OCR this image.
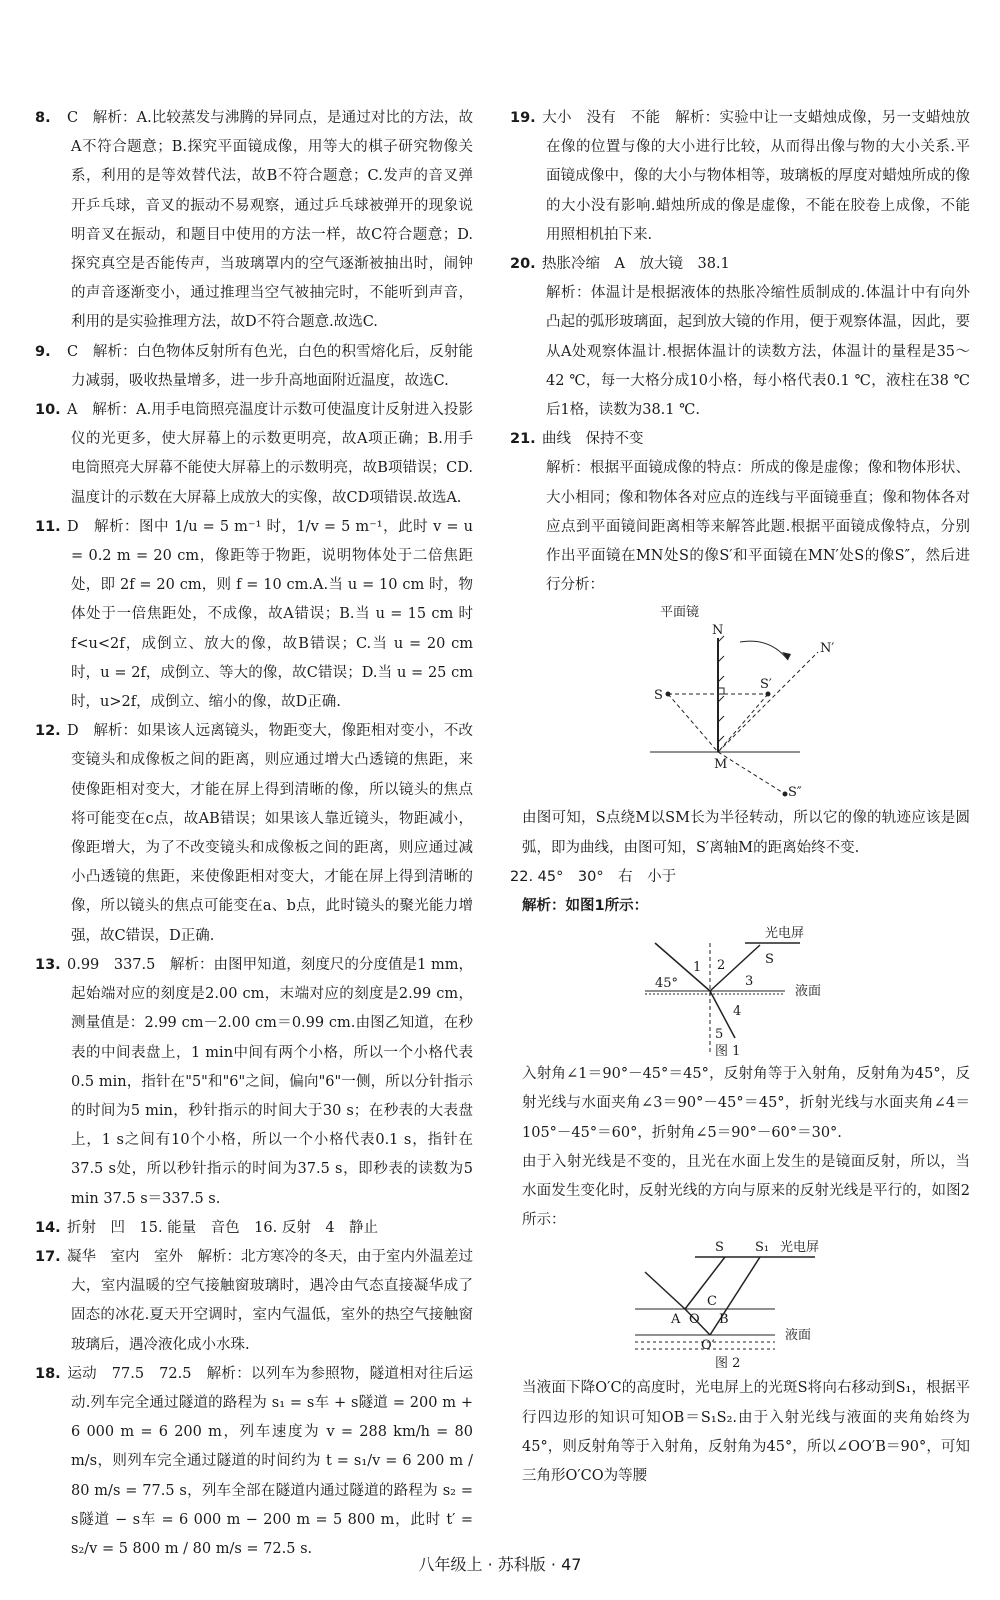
8. C　解析：A.比较蒸发与沸腾的异同点，是通过对比的方法，故A不符合题意；B.探究平面镜成像，用等大的棋子研究物像关系，利用的是等效替代法，故B不符合题意；C.发声的音叉弹开乒乓球，音叉的振动不易观察，通过乒乓球被弹开的现象说明音叉在振动，和题目中使用的方法一样，故C符合题意；D.探究真空是否能传声，当玻璃罩内的空气逐渐被抽出时，闹钟的声音逐渐变小，通过推理当空气被抽完时，不能听到声音，利用的是实验推理方法，故D不符合题意.故选C.

9. C　解析：白色物体反射所有色光，白色的积雪熔化后，反射能力减弱，吸收热量增多，进一步升高地面附近温度，故选C.

10. A　解析：A.用手电筒照亮温度计示数可使温度计反射进入投影仪的光更多，使大屏幕上的示数更明亮，故A项正确；B.用手电筒照亮大屏幕不能使大屏幕上的示数明亮，故B项错误；CD.温度计的示数在大屏幕上成放大的实像，故CD项错误.故选A.

11. D　解析：图中 1/u = 5 m⁻¹ 时，1/v = 5 m⁻¹，此时 v = u = 0.2 m = 20 cm，像距等于物距，说明物体处于二倍焦距处，即 2f = 20 cm，则 f = 10 cm.A.当 u = 10 cm 时，物体处于一倍焦距处，不成像，故A错误；B.当 u = 15 cm 时 f<u<2f，成倒立、放大的像，故B错误；C.当 u = 20 cm 时，u = 2f，成倒立、等大的像，故C错误；D.当 u = 25 cm 时，u>2f，成倒立、缩小的像，故D正确.

12. D　解析：如果该人远离镜头，物距变大，像距相对变小，不改变镜头和成像板之间的距离，则应通过增大凸透镜的焦距，来使像距相对变大，才能在屏上得到清晰的像，所以镜头的焦点将可能变在c点，故AB错误；如果该人靠近镜头，物距减小，像距增大，为了不改变镜头和成像板之间的距离，则应通过减小凸透镜的焦距，来使像距相对变大，才能在屏上得到清晰的像，所以镜头的焦点可能变在a、b点，此时镜头的聚光能力增强，故C错误，D正确.

13. 0.99　337.5　解析：由图甲知道，刻度尺的分度值是1 mm，起始端对应的刻度是2.00 cm，末端对应的刻度是2.99 cm，测量值是：2.99 cm－2.00 cm＝0.99 cm.由图乙知道，在秒表的中间表盘上，1 min中间有两个小格，所以一个小格代表0.5 min，指针在"5"和"6"之间，偏向"6"一侧，所以分针指示的时间为5 min，秒针指示的时间大于30 s；在秒表的大表盘上，1 s之间有10个小格，所以一个小格代表0.1 s，指针在37.5 s处，所以秒针指示的时间为37.5 s，即秒表的读数为5 min 37.5 s＝337.5 s.

14. 折射　凹　15. 能量　音色　16. 反射　4　静止

17. 凝华　室内　室外　解析：北方寒冷的冬天，由于室内外温差过大，室内温暖的空气接触窗玻璃时，遇冷由气态直接凝华成了固态的冰花.夏天开空调时，室内气温低，室外的热空气接触窗玻璃后，遇冷液化成小水珠.

18. 运动　77.5　72.5　解析：以列车为参照物，隧道相对往后运动.列车完全通过隧道的路程为 s₁ = s车 + s隧道 = 200 m + 6 000 m = 6 200 m，列车速度为 v = 288 km/h = 80 m/s，则列车完全通过隧道的时间约为 t = s₁/v = 6 200 m / 80 m/s = 77.5 s，列车全部在隧道内通过隧道的路程为 s₂ = s隧道 − s车 = 6 000 m − 200 m = 5 800 m，此时 t′ = s₂/v = 5 800 m / 80 m/s = 72.5 s.

19. 大小　没有　不能　解析：实验中让一支蜡烛成像，另一支蜡烛放在像的位置与像的大小进行比较，从而得出像与物的大小关系.平面镜成像中，像的大小与物体相等，玻璃板的厚度对蜡烛所成的像的大小没有影响.蜡烛所成的像是虚像，不能在胶卷上成像，不能用照相机拍下来.

20. 热胀冷缩　A　放大镜　38.1

解析：体温计是根据液体的热胀冷缩性质制成的.体温计中有向外凸起的弧形玻璃面，起到放大镜的作用，便于观察体温，因此，要从A处观察体温计.根据体温计的读数方法，体温计的量程是35～42 ℃，每一大格分成10小格，每小格代表0.1 ℃，液柱在38 ℃后1格，读数为38.1 ℃.

21. 曲线　保持不变

解析：根据平面镜成像的特点：所成的像是虚像；像和物体形状、大小相同；像和物体各对应点的连线与平面镜垂直；像和物体各对应点到平面镜间距离相等来解答此题.根据平面镜成像特点，分别作出平面镜在MN处S的像S′和平面镜在MN′处S的像S″，然后进行分析：

平面镜
N
N′
S
S′
M
S″

由图可知，S点绕M以SM长为半径转动，所以它的像的轨迹应该是圆弧，即为曲线，由图可知，S′离轴M的距离始终不变.

22. 45°　30°　右　小于

解析：如图1所示：

光电屏
液面
1 2
3
4
5
45°
S
图 1

入射角∠1＝90°－45°＝45°，反射角等于入射角，反射角为45°，反射光线与水面夹角∠3＝90°－45°＝45°，折射光线与水面夹角∠4＝105°－45°＝60°，折射角∠5＝90°－60°＝30°.

由于入射光线是不变的，且光在水面上发生的是镜面反射，所以，当水面发生变化时，反射光线的方向与原来的反射光线是平行的，如图2所示：

S S₁ 光电屏
液面
A O
C
B
O′
图 2

当液面下降O′C的高度时，光电屏上的光斑S将向右移动到S₁，根据平行四边形的知识可知OB＝S₁S₂.由于入射光线与液面的夹角始终为45°，则反射角等于入射角，反射角为45°，所以∠OO′B＝90°，可知三角形O′CO为等腰

八年级上 · 苏科版 · 47
